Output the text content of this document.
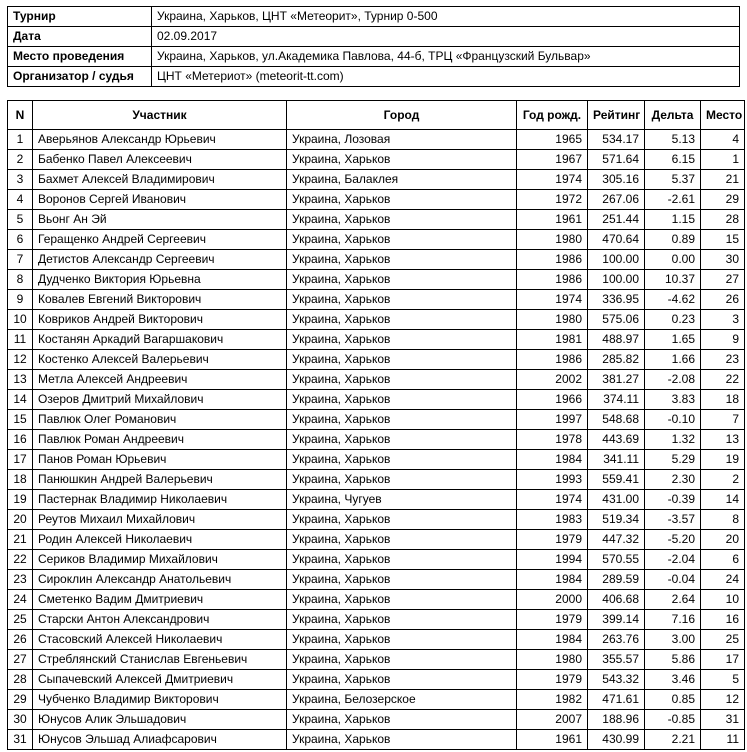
Турнир	Украина, Харьков, ЦНТ «Метеорит», Турнир 0-500
Дата	02.09.2017
Место проведения	Украина, Харьков, ул.Академика Павлова, 44-б, ТРЦ «Французский Бульвар»
Организатор / судья	ЦНТ «Метериот» (meteorit-tt.com)
N	Участник	Город	Год рожд.	Рейтинг	Дельта	Место
1	Аверьянов Александр Юрьевич	Украина, Лозовая	1965	534.17	5.13	4
2	Бабенко Павел Алексеевич	Украина, Харьков	1967	571.64	6.15	1
3	Бахмет Алексей Владимирович	Украина, Балаклея	1974	305.16	5.37	21
4	Воронов Сергей Иванович	Украина, Харьков	1972	267.06	-2.61	29
5	Вьонг Ан Эй	Украина, Харьков	1961	251.44	1.15	28
6	Геращенко Андрей Сергеевич	Украина, Харьков	1980	470.64	0.89	15
7	Детистов Александр Сергеевич	Украина, Харьков	1986	100.00	0.00	30
8	Дудченко Виктория Юрьевна	Украина, Харьков	1986	100.00	10.37	27
9	Ковалев Евгений Викторович	Украина, Харьков	1974	336.95	-4.62	26
10	Ковриков Андрей Викторович	Украина, Харьков	1980	575.06	0.23	3
11	Костанян Аркадий Вагаршакович	Украина, Харьков	1981	488.97	1.65	9
12	Костенко Алексей Валерьевич	Украина, Харьков	1986	285.82	1.66	23
13	Метла Алексей Андреевич	Украина, Харьков	2002	381.27	-2.08	22
14	Озеров Дмитрий Михайлович	Украина, Харьков	1966	374.11	3.83	18
15	Павлюк Олег Романович	Украина, Харьков	1997	548.68	-0.10	7
16	Павлюк Роман Андреевич	Украина, Харьков	1978	443.69	1.32	13
17	Панов Роман Юрьевич	Украина, Харьков	1984	341.11	5.29	19
18	Панюшкин Андрей Валерьевич	Украина, Харьков	1993	559.41	2.30	2
19	Пастернак Владимир Николаевич	Украина, Чугуев	1974	431.00	-0.39	14
20	Реутов Михаил Михайлович	Украина, Харьков	1983	519.34	-3.57	8
21	Родин Алексей Николаевич	Украина, Харьков	1979	447.32	-5.20	20
22	Сериков Владимир Михайлович	Украина, Харьков	1994	570.55	-2.04	6
23	Сироклин Александр Анатольевич	Украина, Харьков	1984	289.59	-0.04	24
24	Сметенко Вадим Дмитриевич	Украина, Харьков	2000	406.68	2.64	10
25	Старски Антон Александрович	Украина, Харьков	1979	399.14	7.16	16
26	Стасовский Алексей Николаевич	Украина, Харьков	1984	263.76	3.00	25
27	Стреблянский Станислав Евгеньевич	Украина, Харьков	1980	355.57	5.86	17
28	Сыпачевский Алексей Дмитриевич	Украина, Харьков	1979	543.32	3.46	5
29	Чубченко Владимир Викторович	Украина, Белозерское	1982	471.61	0.85	12
30	Юнусов Алик Эльшадович	Украина, Харьков	2007	188.96	-0.85	31
31	Юнусов Эльшад Алиафсарович	Украина, Харьков	1961	430.99	2.21	11
